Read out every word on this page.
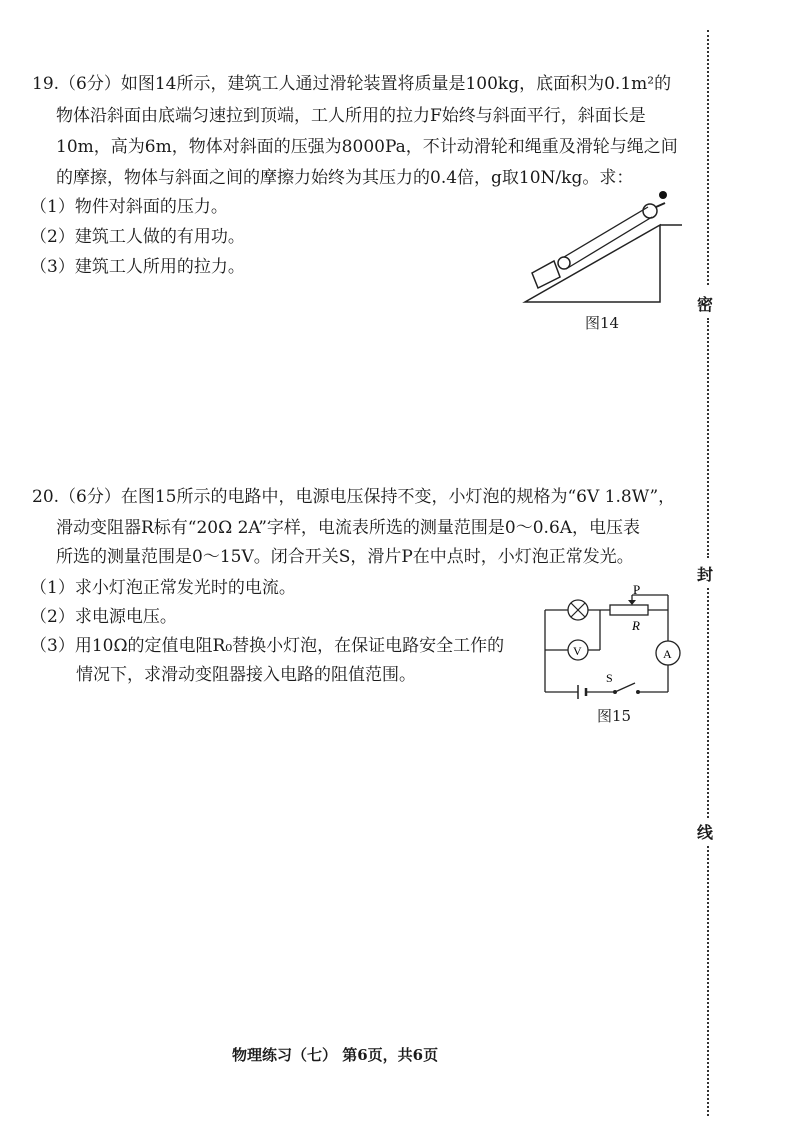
19.（6分）如图14所示，建筑工人通过滑轮装置将质量是100kg，底面积为0.1m²的
物体沿斜面由底端匀速拉到顶端，工人所用的拉力F始终与斜面平行，斜面长是
10m，高为6m，物体对斜面的压强为8000Pa，不计动滑轮和绳重及滑轮与绳之间
的摩擦，物体与斜面之间的摩擦力始终为其压力的0.4倍，g取10N/kg。求：
（1）物件对斜面的压力。
（2）建筑工人做的有用功。
（3）建筑工人所用的拉力。
图14
20.（6分）在图15所示的电路中，电源电压保持不变，小灯泡的规格为“6V 1.8W”，
滑动变阻器R标有“20Ω 2A”字样，电流表所选的测量范围是0～0.6A，电压表
所选的测量范围是0～15V。闭合开关S，滑片P在中点时，小灯泡正常发光。
（1）求小灯泡正常发光时的电流。
（2）求电源电压。
（3）用10Ω的定值电阻R₀替换小灯泡，在保证电路安全工作的
情况下，求滑动变阻器接入电路的阻值范围。
P
R
V	A
S
图15
密
封
线
物理练习（七） 第6页，共6页
